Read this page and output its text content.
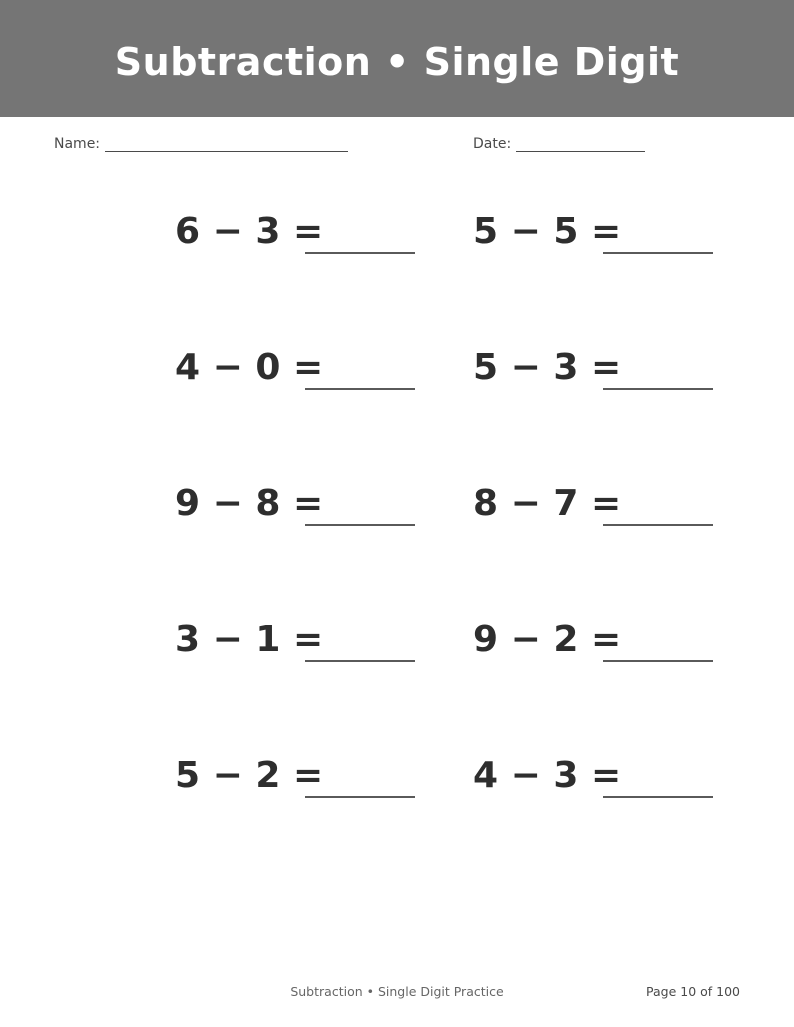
Subtraction • Single Digit
Name:	Date:
6 − 3 =	5 − 5 =
4 − 0 =	5 − 3 =
9 − 8 =	8 − 7 =
3 − 1 =	9 − 2 =
5 − 2 =	4 − 3 =
Subtraction • Single Digit Practice	Page 10 of 100
